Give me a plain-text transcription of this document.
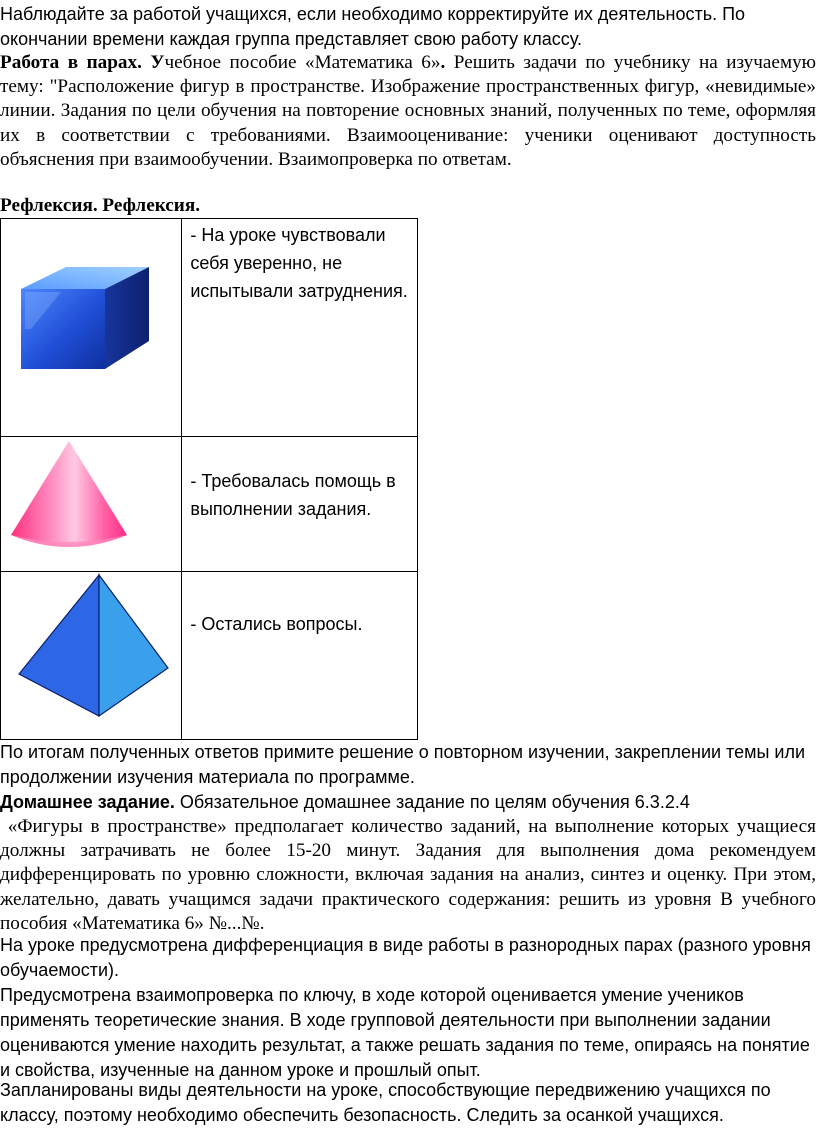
Наблюдайте за работой учащихся, если необходимо корректируйте их деятельность. По
окончании времени каждая группа представляет свою работу классу.

Работа в парах. Учебное пособие «Математика 6». Решить задачи по учебнику на изучаемую тему: "Расположение фигур в пространстве. Изображение пространственных фигур, «невидимые» линии. Задания по цели обучения на повторение основных знаний, полученных по теме, оформляя их в соответствии с требованиями. Взаимооценивание: ученики оценивают доступность объяснения при взаимообучении. Взаимопроверка по ответам.

Рефлексия. Рефлексия.

- На уроке чувствовали себя уверенно, не испытывали затруднения.

- Требовалась помощь в выполнении задания.

- Остались вопросы.

По итогам полученных ответов примите решение о повторном изучении, закреплении темы или продолжении изучения материала по программе.

Домашнее задание. Обязательное домашнее задание по целям обучения 6.3.2.4

«Фигуры в пространстве» предполагает количество заданий, на выполнение которых учащиеся должны затрачивать не более 15-20 минут. Задания для выполнения дома рекомендуем дифференцировать по уровню сложности, включая задания на анализ, синтез и оценку. При этом, желательно, давать учащимся задачи практического содержания: решить из уровня В учебного пособия «Математика 6» №...№.

На уроке предусмотрена дифференциация в виде работы в разнородных парах (разного уровня обучаемости).

Предусмотрена взаимопроверка по ключу, в ходе которой оценивается умение учеников применять теоретические знания. В ходе групповой деятельности при выполнении задании оцениваются умение находить результат, а также решать задания по теме, опираясь на понятие и свойства, изученные на данном уроке и прошлый опыт.

Запланированы виды деятельности на уроке, способствующие передвижению учащихся по классу, поэтому необходимо обеспечить безопасность. Следить за осанкой учащихся.
